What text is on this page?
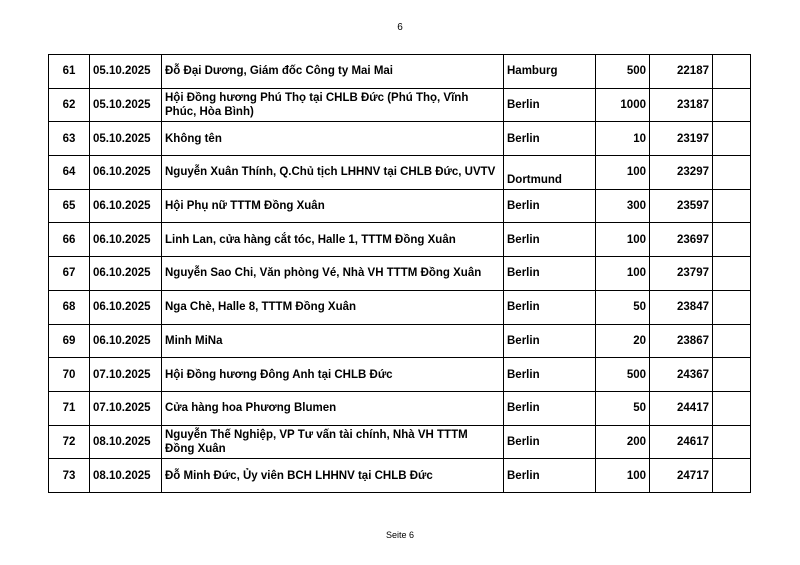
6
61	05.10.2025	Đỗ Đại Dương, Giám đốc Công ty Mai Mai	Hamburg	500	22187	
62	05.10.2025	Hội Đồng hương Phú Thọ tại CHLB Đức (Phú Thọ, Vĩnh Phúc, Hòa Bình)	Berlin	1000	23187	
63	05.10.2025	Không tên	Berlin	10	23197	
64	06.10.2025	Nguyễn Xuân Thính, Q.Chủ tịch LHHNV tại CHLB Đức, UVTV	Dortmund	100	23297	
65	06.10.2025	Hội Phụ nữ TTTM Đồng Xuân	Berlin	300	23597	
66	06.10.2025	Linh Lan, cửa hàng cắt tóc, Halle 1, TTTM Đồng Xuân	Berlin	100	23697	
67	06.10.2025	Nguyễn Sao Chi, Văn phòng Vé, Nhà VH TTTM Đồng Xuân	Berlin	100	23797	
68	06.10.2025	Nga Chè, Halle 8, TTTM Đồng Xuân	Berlin	50	23847	
69	06.10.2025	Minh MiNa	Berlin	20	23867	
70	07.10.2025	Hội Đồng hương Đông Anh tại CHLB Đức	Berlin	500	24367	
71	07.10.2025	Cửa hàng hoa Phương Blumen	Berlin	50	24417	
72	08.10.2025	Nguyễn Thế Nghiệp, VP Tư vấn tài chính, Nhà VH TTTM Đồng Xuân	Berlin	200	24617	
73	08.10.2025	Đỗ Minh Đức, Ủy viên BCH LHHNV tại CHLB Đức	Berlin	100	24717	
Seite 6
